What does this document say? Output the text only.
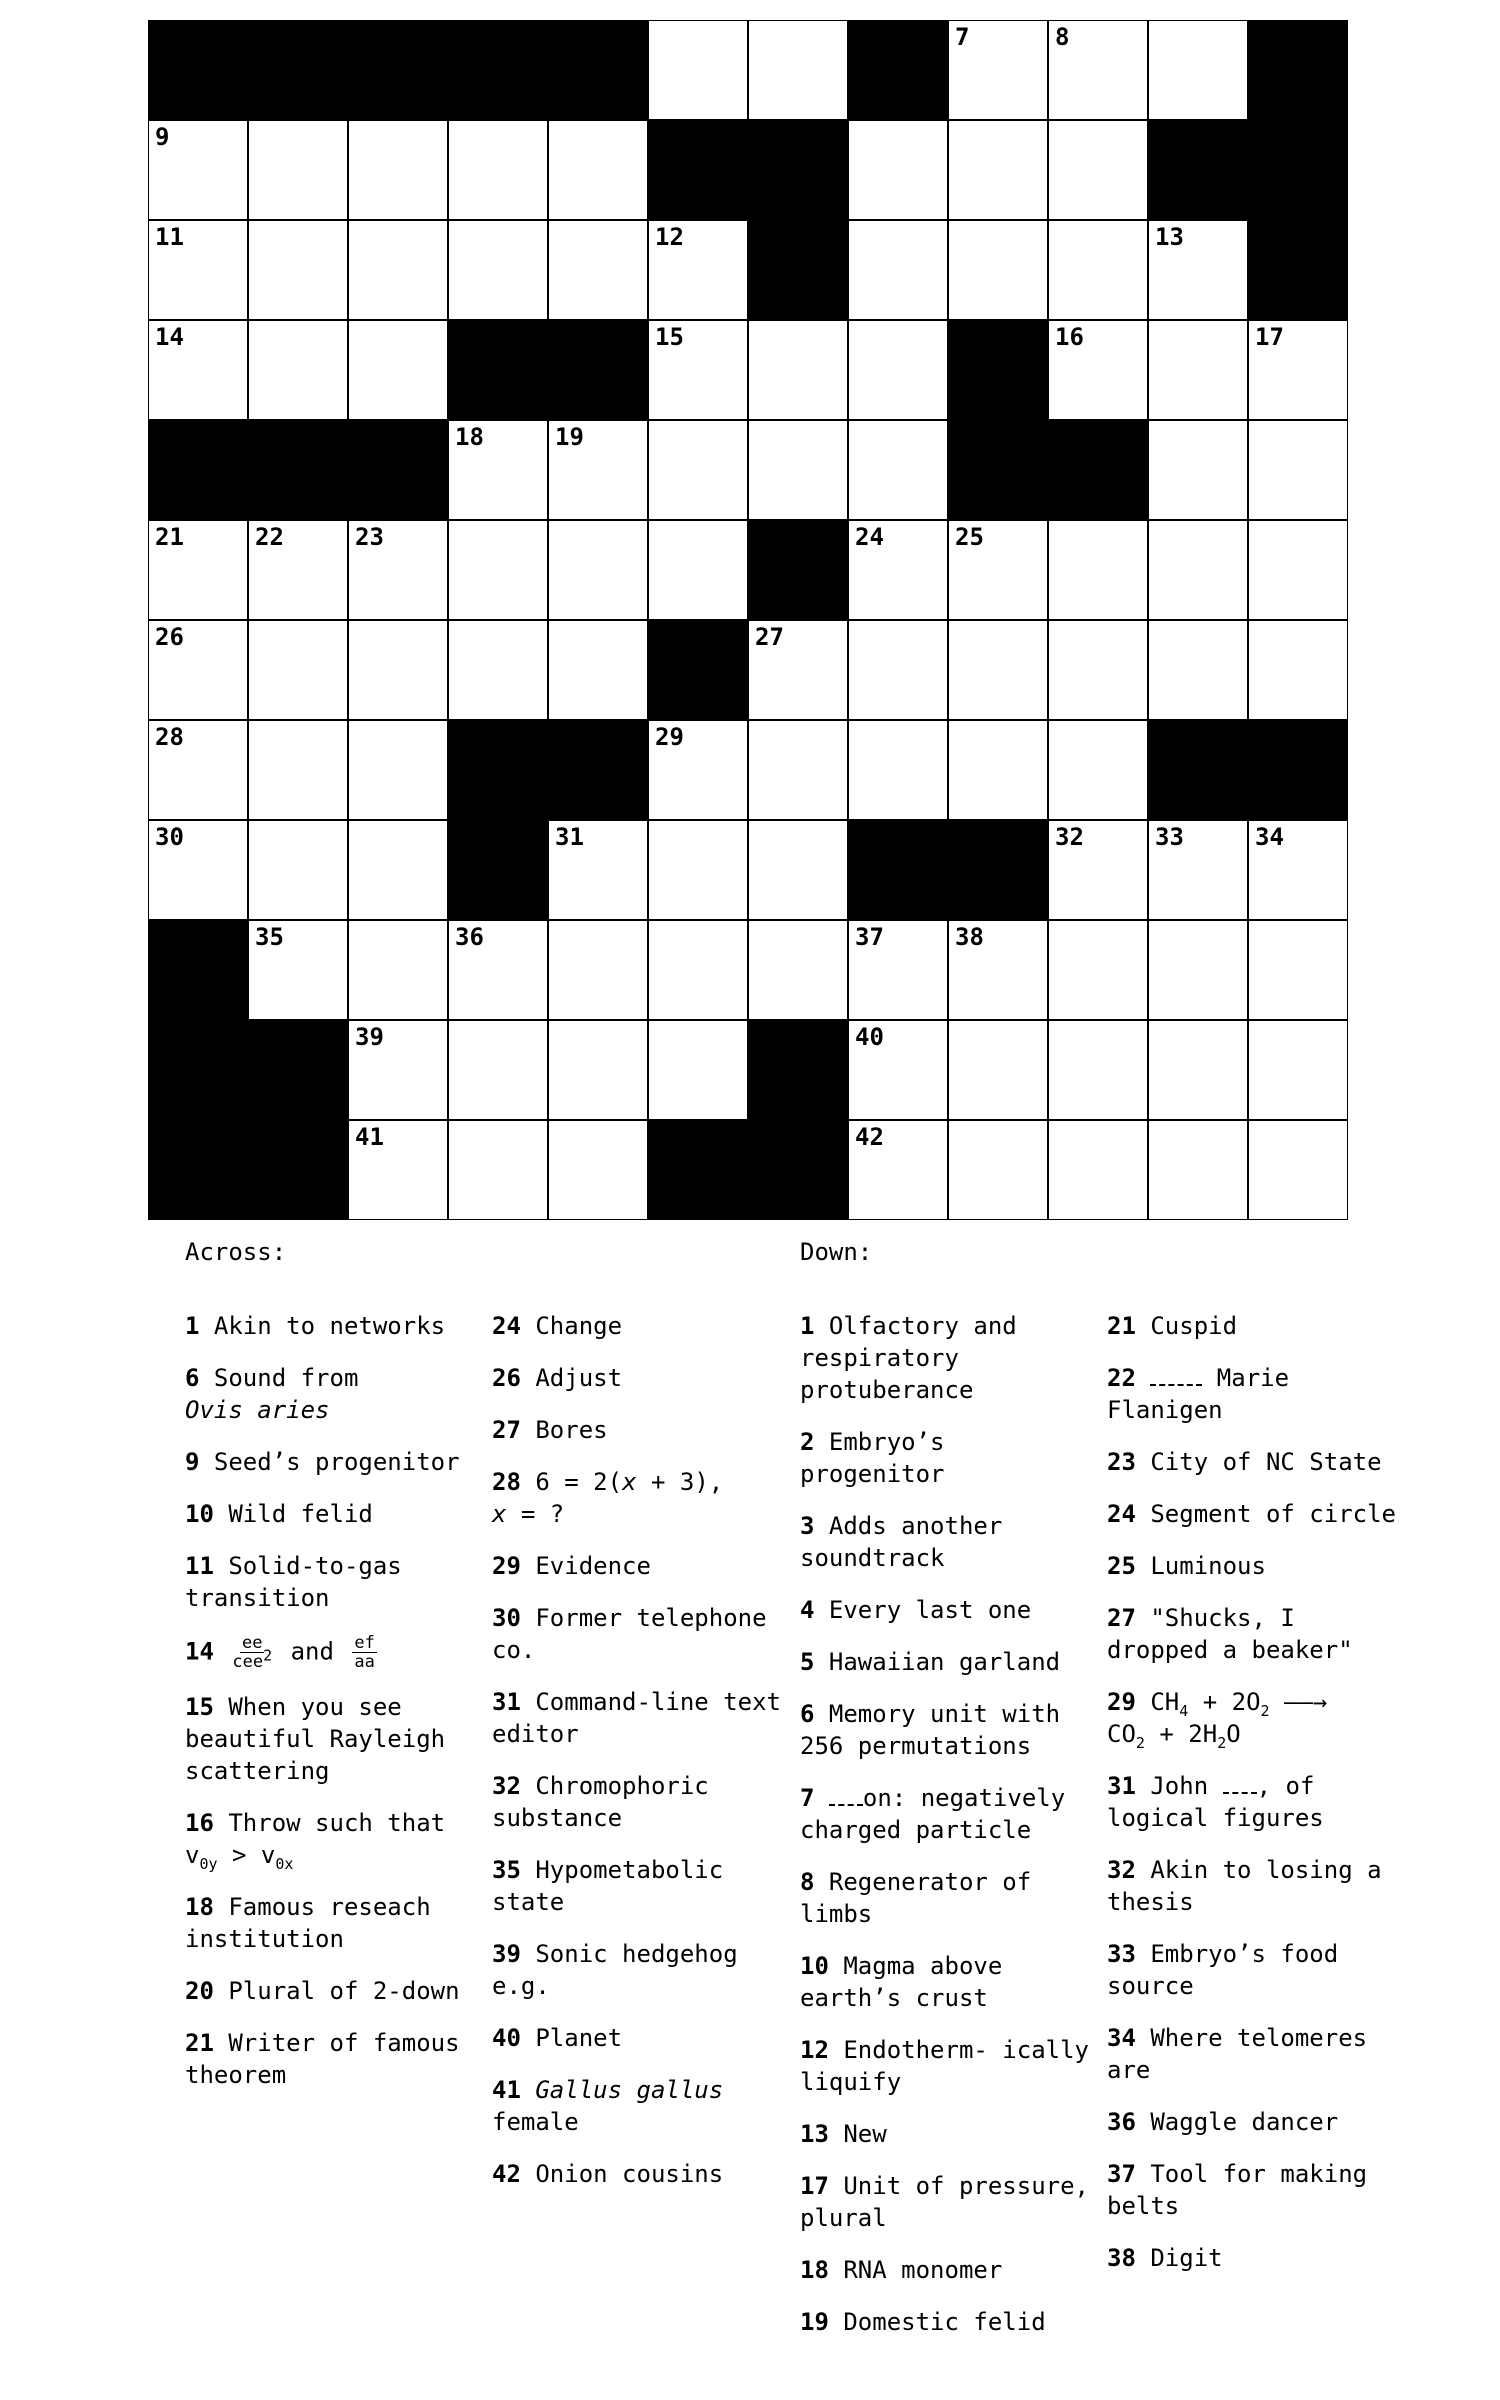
7	8
9
11	12	13
14	15	16	17
18	19
21	22	23	24	25
26	27
28	29
30	31	32	33	34
35	36	37	38
39	40
41	42
Across:
1 Akin to networks
6 Sound from
Ovis aries
9 Seed’s progenitor
10 Wild felid
11 Solid-to-gas transition
$14 \frac{ee}{cee^2}$ and $\frac{ef}{aa}$
15 When you see beautiful Rayleigh scattering
16 Throw such that $v_{0y} > v_{0x}$
18 Famous reseach institution
20 Plural of 2-down
21 Writer of famous theorem
24 Change
26 Adjust
27 Bores
28 6 = 2(x + 3),
x = ?
29 Evidence
30 Former telephone co.
31 Command-line text editor
32 Chromophoric substance
35 Hypometabolic state
39 Sonic hedgehog e.g.
40 Planet
41 Gallus gallus female
42 Onion cousins
Down:
1 Olfactory and respiratory protuberance
2 Embryo’s progenitor
3 Adds another soundtrack
4 Every last one
5 Hawaiian garland
6 Memory unit with 256 permutations
7 on: negatively charged particle
8 Regenerator of limbs
10 Magma above earth’s crust
12 Endotherm- ically liquify
13 New
17 Unit of pressure, plural
18 RNA monomer
19 Domestic felid
21 Cuspid
22	Marie Flanigen
23 City of NC State
24 Segment of circle
25 Luminous
27 "Shucks, I dropped a beaker"
29 $CH_4 + 2O_2$ ——→
$CO_2 + 2H_2O$
31 John , of logical figures
32 Akin to losing a thesis
33 Embryo’s food source
34 Where telomeres are
36 Waggle dancer
37 Tool for making belts
38 Digit
